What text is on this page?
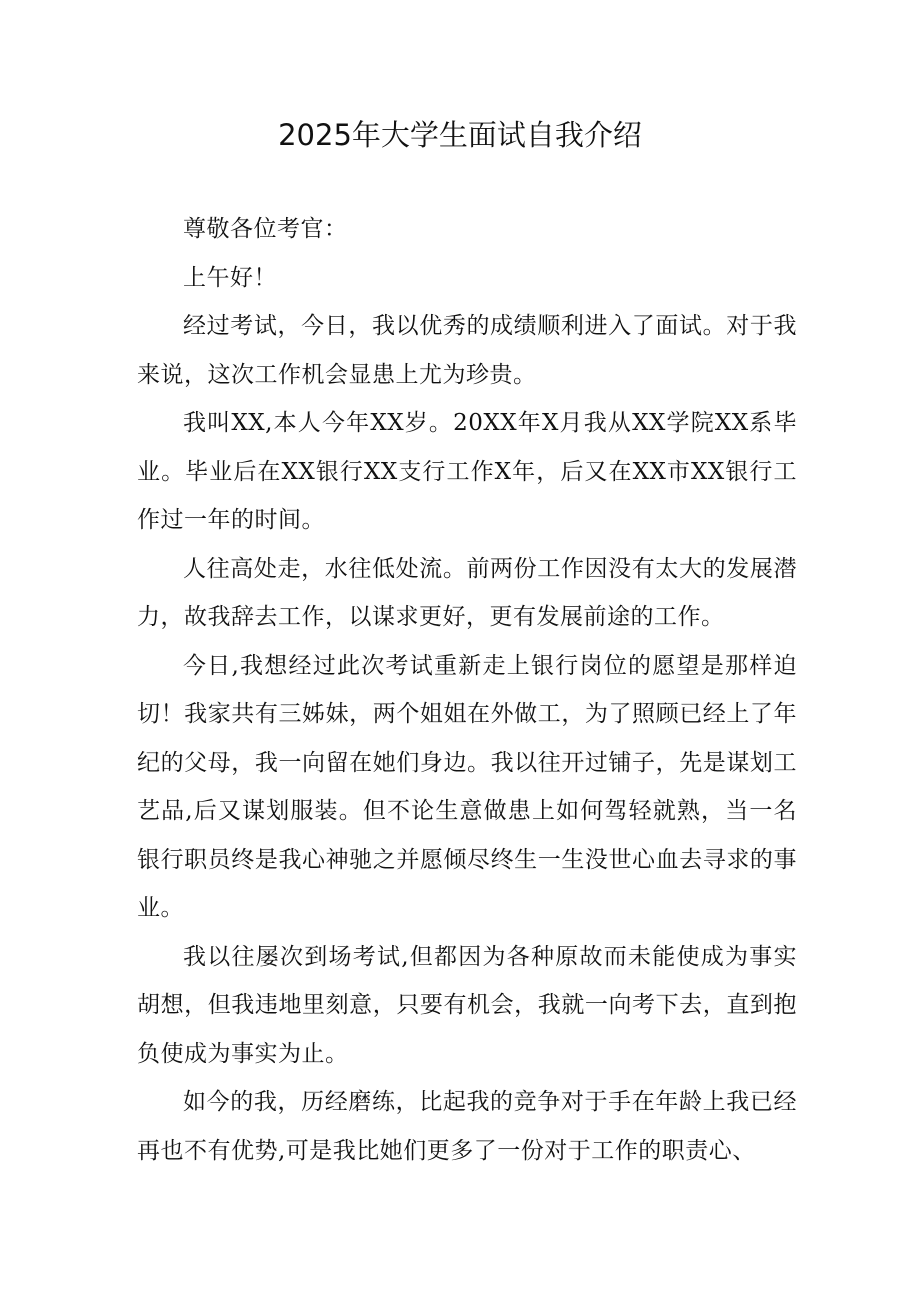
2025年大学生面试自我介绍

尊敬各位考官：

上午好！

经过考试，今日，我以优秀的成绩顺利进入了面试。对于我来说，这次工作机会显患上尤为珍贵。

我叫XX,本人今年XX岁。20XX年X月我从XX学院XX系毕业。毕业后在XX银行XX支行工作X年，后又在XX市XX银行工作过一年的时间。

人往高处走，水往低处流。前两份工作因没有太大的发展潜力，故我辞去工作，以谋求更好，更有发展前途的工作。

今日,我想经过此次考试重新走上银行岗位的愿望是那样迫切！我家共有三姊妹，两个姐姐在外做工，为了照顾已经上了年纪的父母，我一向留在她们身边。我以往开过铺子，先是谋划工艺品,后又谋划服装。但不论生意做患上如何驾轻就熟，当一名银行职员终是我心神驰之并愿倾尽终生一生没世心血去寻求的事业。

我以往屡次到场考试,但都因为各种原故而未能使成为事实胡想，但我违地里刻意，只要有机会，我就一向考下去，直到抱负使成为事实为止。

如今的我，历经磨练，比起我的竞争对于手在年龄上我已经再也不有优势,可是我比她们更多了一份对于工作的职责心、
